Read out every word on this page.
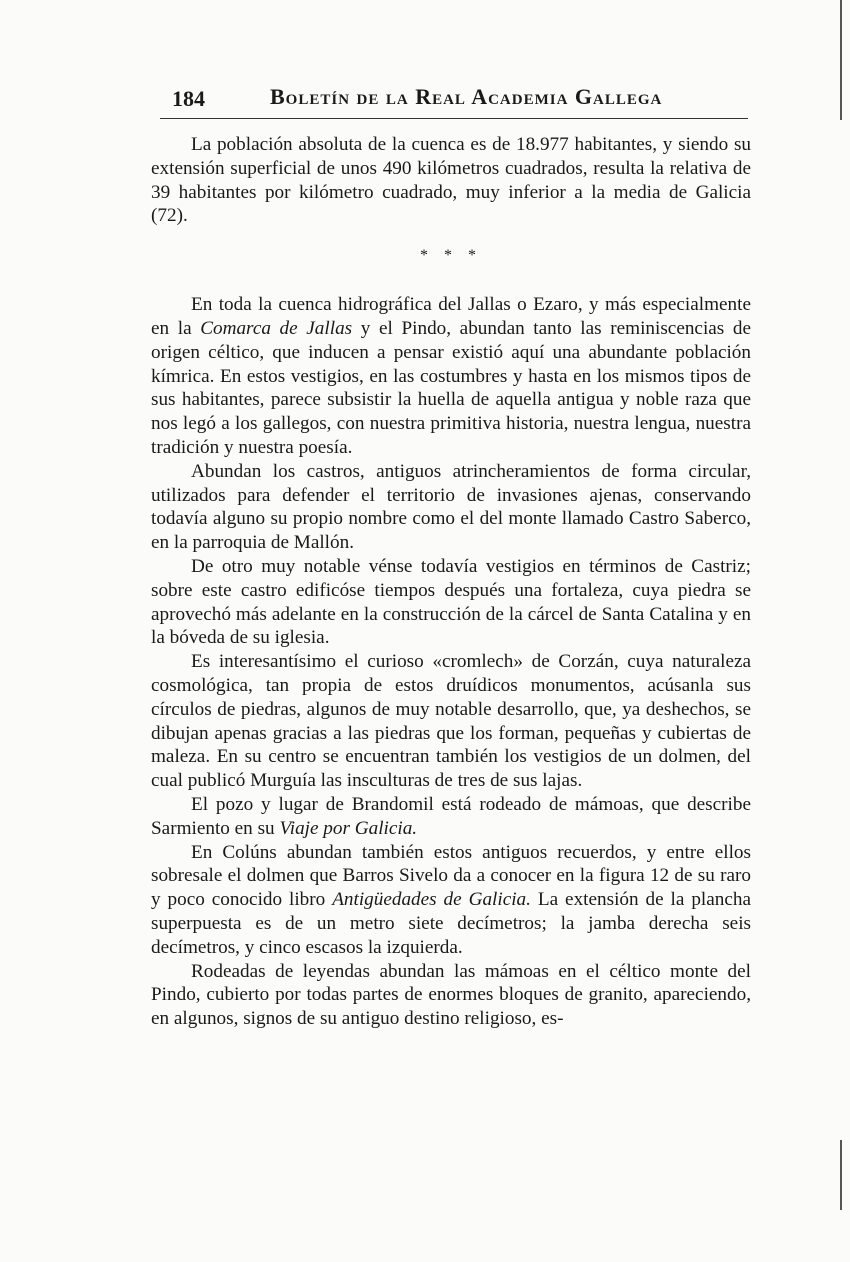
184	Boletín de la Real Academia Gallega

La población absoluta de la cuenca es de 18.977 habitantes, y siendo su extensión superficial de unos 490 kilómetros cuadrados, resulta la relativa de 39 habitantes por kilómetro cuadrado, muy inferior a la media de Galicia (72).

* * *

En toda la cuenca hidrográfica del Jallas o Ezaro, y más especialmente en la Comarca de Jallas y el Pindo, abundan tanto las reminiscencias de origen céltico, que inducen a pensar existió aquí una abundante población kímrica. En estos vestigios, en las costumbres y hasta en los mismos tipos de sus habitantes, parece subsistir la huella de aquella antigua y noble raza que nos legó a los gallegos, con nuestra primitiva historia, nuestra lengua, nuestra tradición y nuestra poesía.

Abundan los castros, antiguos atrincheramientos de forma circular, utilizados para defender el territorio de invasiones ajenas, conservando todavía alguno su propio nombre como el del monte llamado Castro Saberco, en la parroquia de Mallón.

De otro muy notable vénse todavía vestigios en términos de Castriz; sobre este castro edificóse tiempos después una fortaleza, cuya piedra se aprovechó más adelante en la construcción de la cárcel de Santa Catalina y en la bóveda de su iglesia.

Es interesantísimo el curioso «cromlech» de Corzán, cuya naturaleza cosmológica, tan propia de estos druídicos monumentos, acúsanla sus círculos de piedras, algunos de muy notable desarrollo, que, ya deshechos, se dibujan apenas gracias a las piedras que los forman, pequeñas y cubiertas de maleza. En su centro se encuentran también los vestigios de un dolmen, del cual publicó Murguía las insculturas de tres de sus lajas.

El pozo y lugar de Brandomil está rodeado de mámoas, que describe Sarmiento en su Viaje por Galicia.

En Colúns abundan también estos antiguos recuerdos, y entre ellos sobresale el dolmen que Barros Sivelo da a conocer en la figura 12 de su raro y poco conocido libro Antigüedades de Galicia. La extensión de la plancha superpuesta es de un metro siete decímetros; la jamba derecha seis decímetros, y cinco escasos la izquierda.

Rodeadas de leyendas abundan las mámoas en el céltico monte del Pindo, cubierto por todas partes de enormes bloques de granito, apareciendo, en algunos, signos de su antiguo destino religioso, es-
